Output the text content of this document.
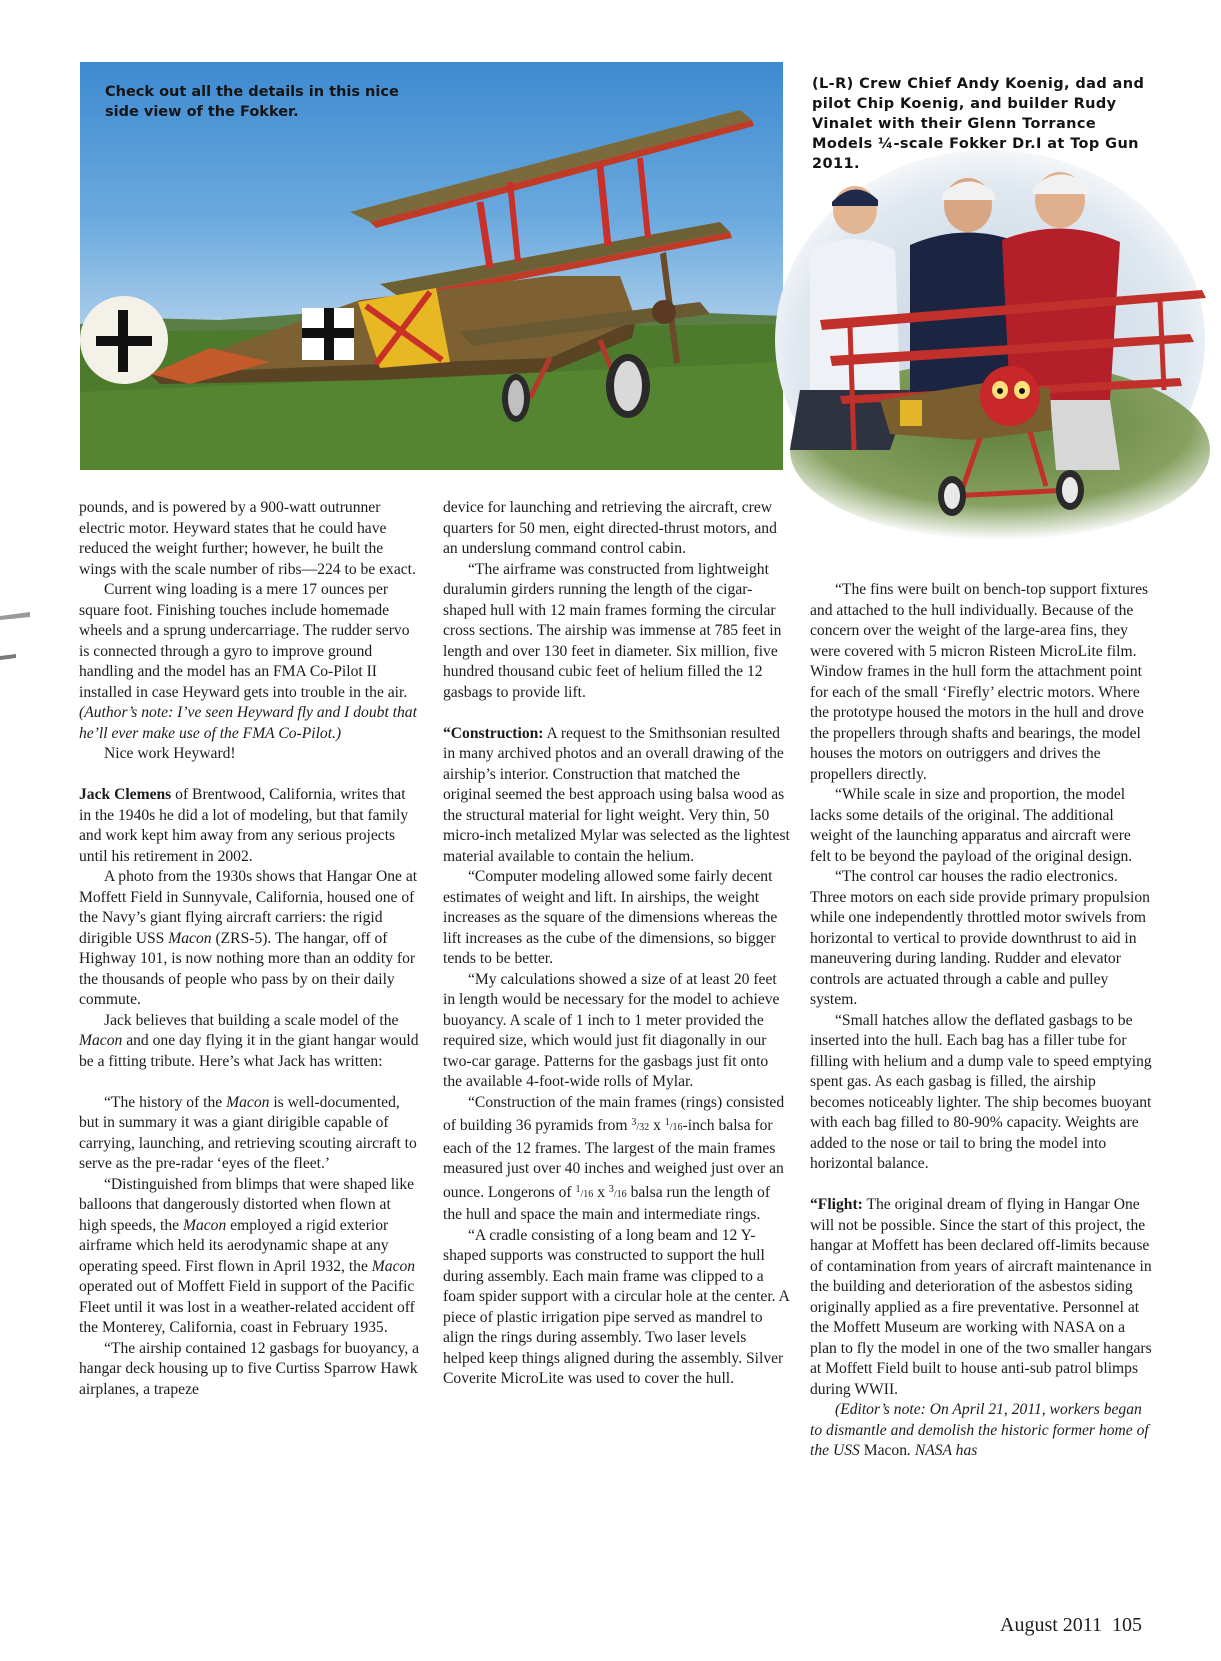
Check out all the details in this nice side view of the Fokker.
(L-R) Crew Chief Andy Koenig, dad and pilot Chip Koenig, and builder Rudy Vinalet with their Glenn Torrance Models ¼-scale Fokker Dr.I at Top Gun 2011.

pounds, and is powered by a 900-watt outrunner electric motor. Heyward states that he could have reduced the weight further; however, he built the wings with the scale number of ribs—224 to be exact.

Current wing loading is a mere 17 ounces per square foot. Finishing touches include homemade wheels and a sprung undercarriage. The rudder servo is connected through a gyro to improve ground handling and the model has an FMA Co-Pilot II installed in case Heyward gets into trouble in the air. (Author’s note: I’ve seen Heyward fly and I doubt that he’ll ever make use of the FMA Co-Pilot.)

Nice work Heyward!

Jack Clemens of Brentwood, California, writes that in the 1940s he did a lot of modeling, but that family and work kept him away from any serious projects until his retirement in 2002.

A photo from the 1930s shows that Hangar One at Moffett Field in Sunnyvale, California, housed one of the Navy’s giant flying aircraft carriers: the rigid dirigible USS Macon (ZRS-5). The hangar, off of Highway 101, is now nothing more than an oddity for the thousands of people who pass by on their daily commute.

Jack believes that building a scale model of the Macon and one day flying it in the giant hangar would be a fitting tribute. Here’s what Jack has written:

“The history of the Macon is well-documented, but in summary it was a giant dirigible capable of carrying, launching, and retrieving scouting aircraft to serve as the pre-radar ‘eyes of the fleet.’

“Distinguished from blimps that were shaped like balloons that dangerously distorted when flown at high speeds, the Macon employed a rigid exterior airframe which held its aerodynamic shape at any operating speed. First flown in April 1932, the Macon operated out of Moffett Field in support of the Pacific Fleet until it was lost in a weather-related accident off the Monterey, California, coast in February 1935.

“The airship contained 12 gasbags for buoyancy, a hangar deck housing up to five Curtiss Sparrow Hawk airplanes, a trapeze

device for launching and retrieving the aircraft, crew quarters for 50 men, eight directed-thrust motors, and an underslung command control cabin.

“The airframe was constructed from lightweight duralumin girders running the length of the cigar-shaped hull with 12 main frames forming the circular cross sections. The airship was immense at 785 feet in length and over 130 feet in diameter. Six million, five hundred thousand cubic feet of helium filled the 12 gasbags to provide lift.

“Construction: A request to the Smithsonian resulted in many archived photos and an overall drawing of the airship’s interior. Construction that matched the original seemed the best approach using balsa wood as the structural material for light weight. Very thin, 50 micro-inch metalized Mylar was selected as the lightest material available to contain the helium.

“Computer modeling allowed some fairly decent estimates of weight and lift. In airships, the weight increases as the square of the dimensions whereas the lift increases as the cube of the dimensions, so bigger tends to be better.

“My calculations showed a size of at least 20 feet in length would be necessary for the model to achieve buoyancy. A scale of 1 inch to 1 meter provided the required size, which would just fit diagonally in our two-car garage. Patterns for the gasbags just fit onto the available 4-foot-wide rolls of Mylar.

“Construction of the main frames (rings) consisted of building 36 pyramids from $^3$/32 x $^1$/16-inch balsa for each of the 12 frames. The largest of the main frames measured just over 40 inches and weighed just over an ounce. Longerons of $^1$/16 x $^3$/16 balsa run the length of the hull and space the main and intermediate rings.

“A cradle consisting of a long beam and 12 Y-shaped supports was constructed to support the hull during assembly. Each main frame was clipped to a foam spider support with a circular hole at the center. A piece of plastic irrigation pipe served as mandrel to align the rings during assembly. Two laser levels helped keep things aligned during the assembly. Silver Coverite MicroLite was used to cover the hull.

“The fins were built on bench-top support fixtures and attached to the hull individually. Because of the concern over the weight of the large-area fins, they were covered with 5 micron Risteen MicroLite film. Window frames in the hull form the attachment point for each of the small ‘Firefly’ electric motors. Where the prototype housed the motors in the hull and drove the propellers through shafts and bearings, the model houses the motors on outriggers and drives the propellers directly.

“While scale in size and proportion, the model lacks some details of the original. The additional weight of the launching apparatus and aircraft were felt to be beyond the payload of the original design.

“The control car houses the radio electronics. Three motors on each side provide primary propulsion while one independently throttled motor swivels from horizontal to vertical to provide downthrust to aid in maneuvering during landing. Rudder and elevator controls are actuated through a cable and pulley system.

“Small hatches allow the deflated gasbags to be inserted into the hull. Each bag has a filler tube for filling with helium and a dump vale to speed emptying spent gas. As each gasbag is filled, the airship becomes noticeably lighter. The ship becomes buoyant with each bag filled to 80-90% capacity. Weights are added to the nose or tail to bring the model into horizontal balance.

“Flight: The original dream of flying in Hangar One will not be possible. Since the start of this project, the hangar at Moffett has been declared off-limits because of contamination from years of aircraft maintenance in the building and deterioration of the asbestos siding originally applied as a fire preventative. Personnel at the Moffett Museum are working with NASA on a plan to fly the model in one of the two smaller hangars at Moffett Field built to house anti-sub patrol blimps during WWII.

(Editor’s note: On April 21, 2011, workers began to dismantle and demolish the historic former home of the USS Macon. NASA has

August 2011 105
